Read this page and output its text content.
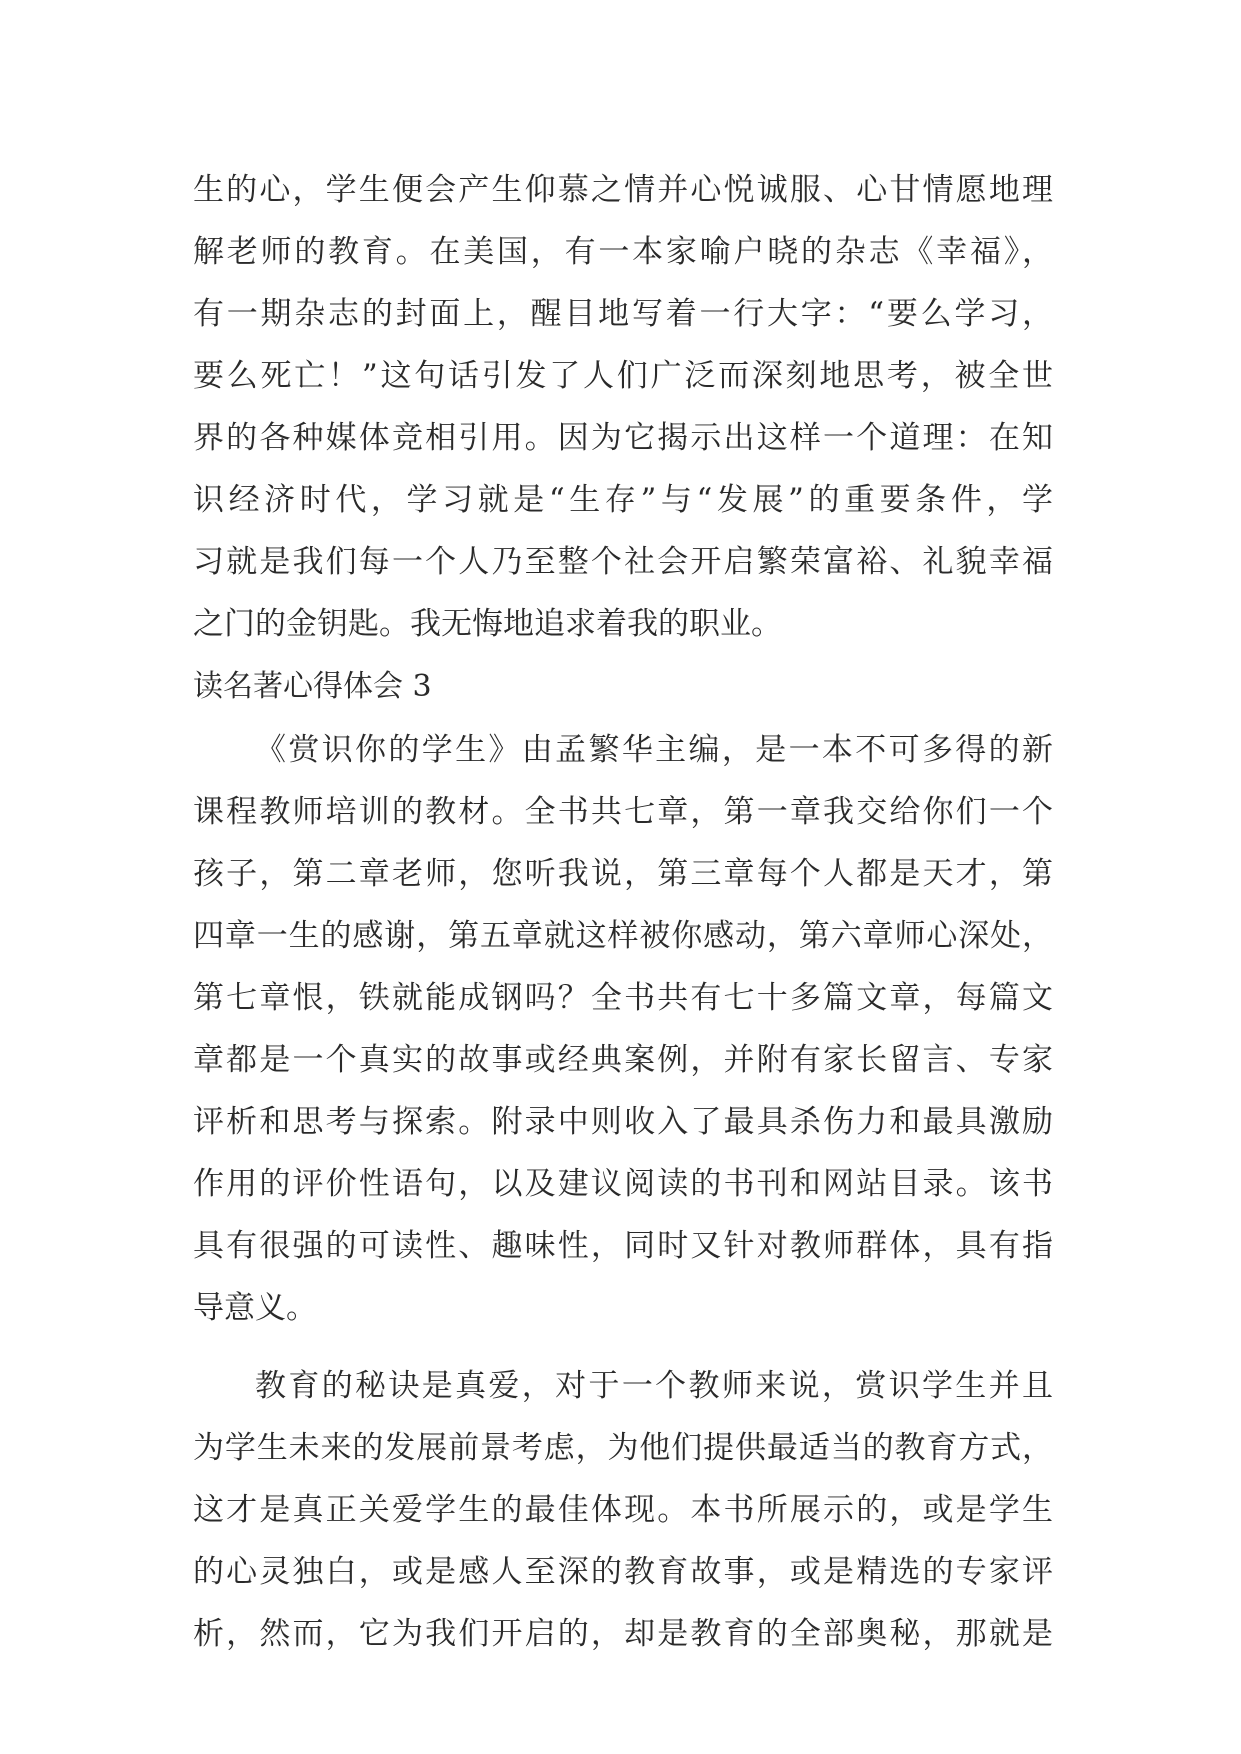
生的心，学生便会产生仰慕之情并心悦诚服、心甘情愿地理
解老师的教育。在美国，有一本家喻户晓的杂志《幸福》，
有一期杂志的封面上，醒目地写着一行大字：“要么学习，
要么死亡！”这句话引发了人们广泛而深刻地思考，被全世
界的各种媒体竞相引用。因为它揭示出这样一个道理：在知
识经济时代，学习就是“生存”与“发展”的重要条件，学
习就是我们每一个人乃至整个社会开启繁荣富裕、礼貌幸福
之门的金钥匙。我无悔地追求着我的职业。
读名著心得体会 3
《赏识你的学生》由孟繁华主编，是一本不可多得的新
课程教师培训的教材。全书共七章，第一章我交给你们一个
孩子，第二章老师，您听我说，第三章每个人都是天才，第
四章一生的感谢，第五章就这样被你感动，第六章师心深处，
第七章恨，铁就能成钢吗？全书共有七十多篇文章，每篇文
章都是一个真实的故事或经典案例，并附有家长留言、专家
评析和思考与探索。附录中则收入了最具杀伤力和最具激励
作用的评价性语句，以及建议阅读的书刊和网站目录。该书
具有很强的可读性、趣味性，同时又针对教师群体，具有指
导意义。
教育的秘诀是真爱，对于一个教师来说，赏识学生并且
为学生未来的发展前景考虑，为他们提供最适当的教育方式，
这才是真正关爱学生的最佳体现。本书所展示的，或是学生
的心灵独白，或是感人至深的教育故事，或是精选的专家评
析，然而，它为我们开启的，却是教育的全部奥秘，那就是
